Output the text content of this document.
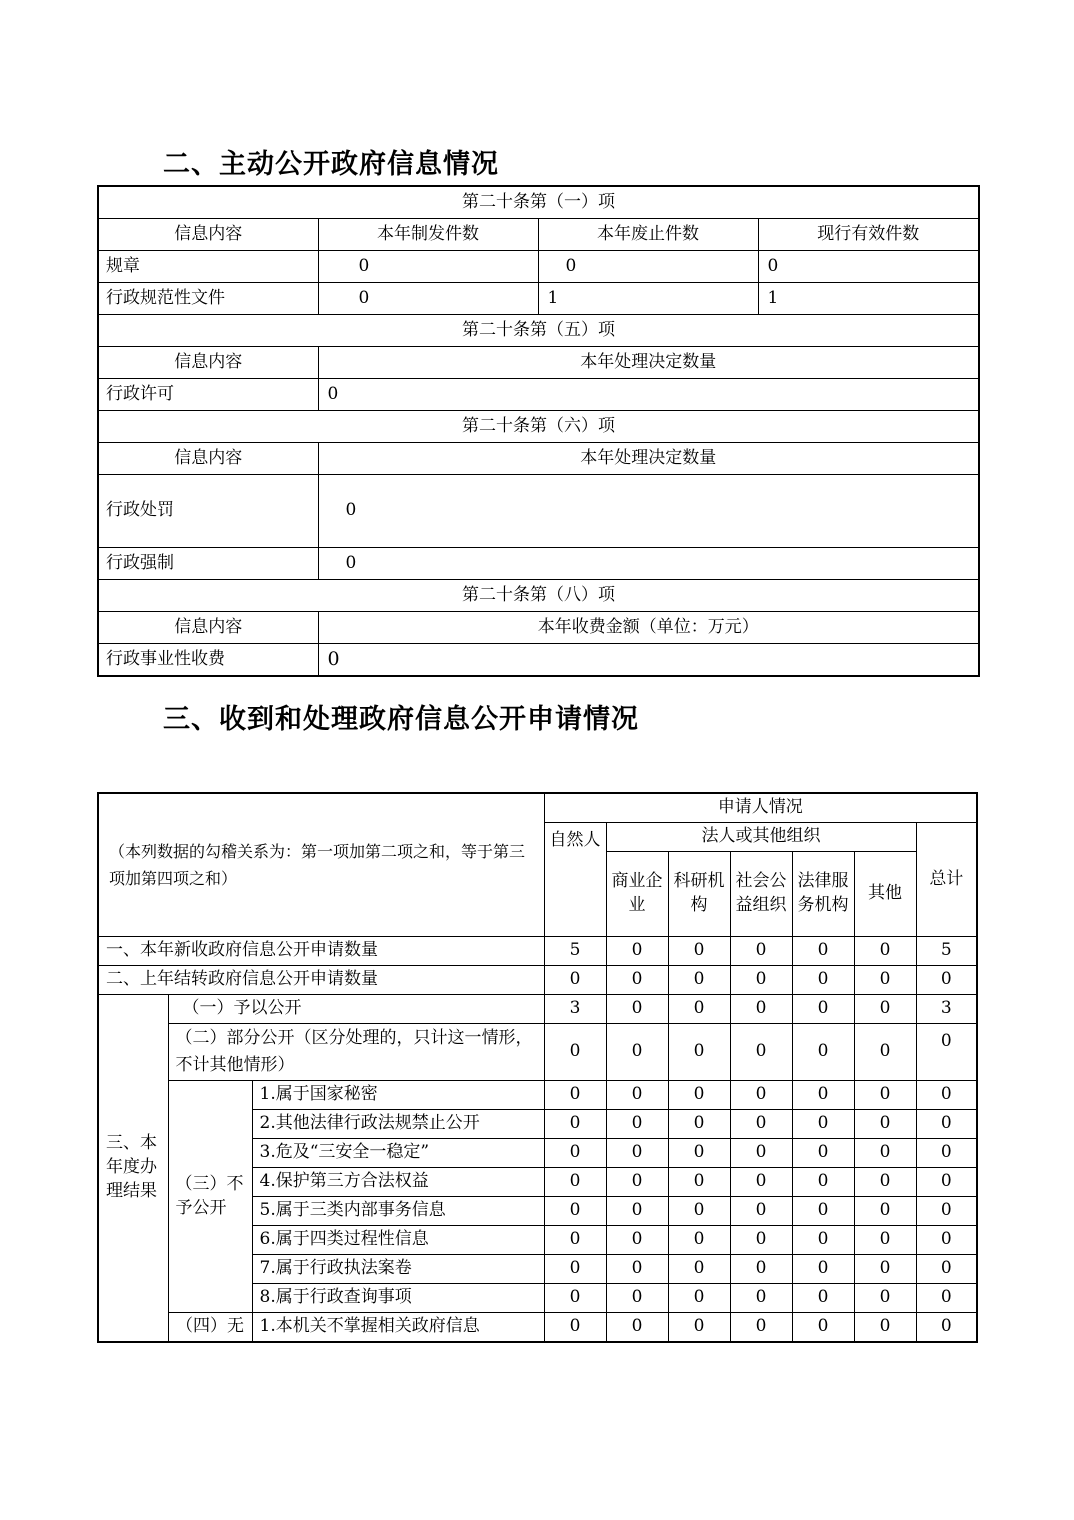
二、主动公开政府信息情况
第二十条第（一）项			
信息内容	本年制发件数	本年废止件数	现行有效件数
规章	0	0	0
行政规范性文件	0	1	1
第二十条第（五）项			
信息内容	本年处理决定数量		
行政许可	0		
第二十条第（六）项			
信息内容	本年处理决定数量		
行政处罚	0		
行政强制	0		
第二十条第（八）项			
信息内容	本年收费金额（单位：万元）		
行政事业性收费	0		
三、收到和处理政府信息公开申请情况
（本列数据的勾稽关系为：第一项加第二项之和，等于第三项加第四项之和）			申请人情况						
			自然人	法人或其他组织					总计
				商业企业	科研机构	社会公益组织	法律服务机构	其他	
一、本年新收政府信息公开申请数量			5	0	0	0	0	0	5
二、上年结转政府信息公开申请数量			0	0	0	0	0	0	0
三、本年度办理结果	（一）予以公开		3	0	0	0	0	0	3
	（二）部分公开（区分处理的，只计这一情形，不计其他情形）		0	0	0	0	0	0	0
	（三）不予公开	1.属于国家秘密	0	0	0	0	0	0	0
		2.其他法律行政法规禁止公开	0	0	0	0	0	0	0
		3.危及“三安全一稳定”	0	0	0	0	0	0	0
		4.保护第三方合法权益	0	0	0	0	0	0	0
		5.属于三类内部事务信息	0	0	0	0	0	0	0
		6.属于四类过程性信息	0	0	0	0	0	0	0
		7.属于行政执法案卷	0	0	0	0	0	0	0
		8.属于行政查询事项	0	0	0	0	0	0	0
	（四）无	1.本机关不掌握相关政府信息	0	0	0	0	0	0	0
